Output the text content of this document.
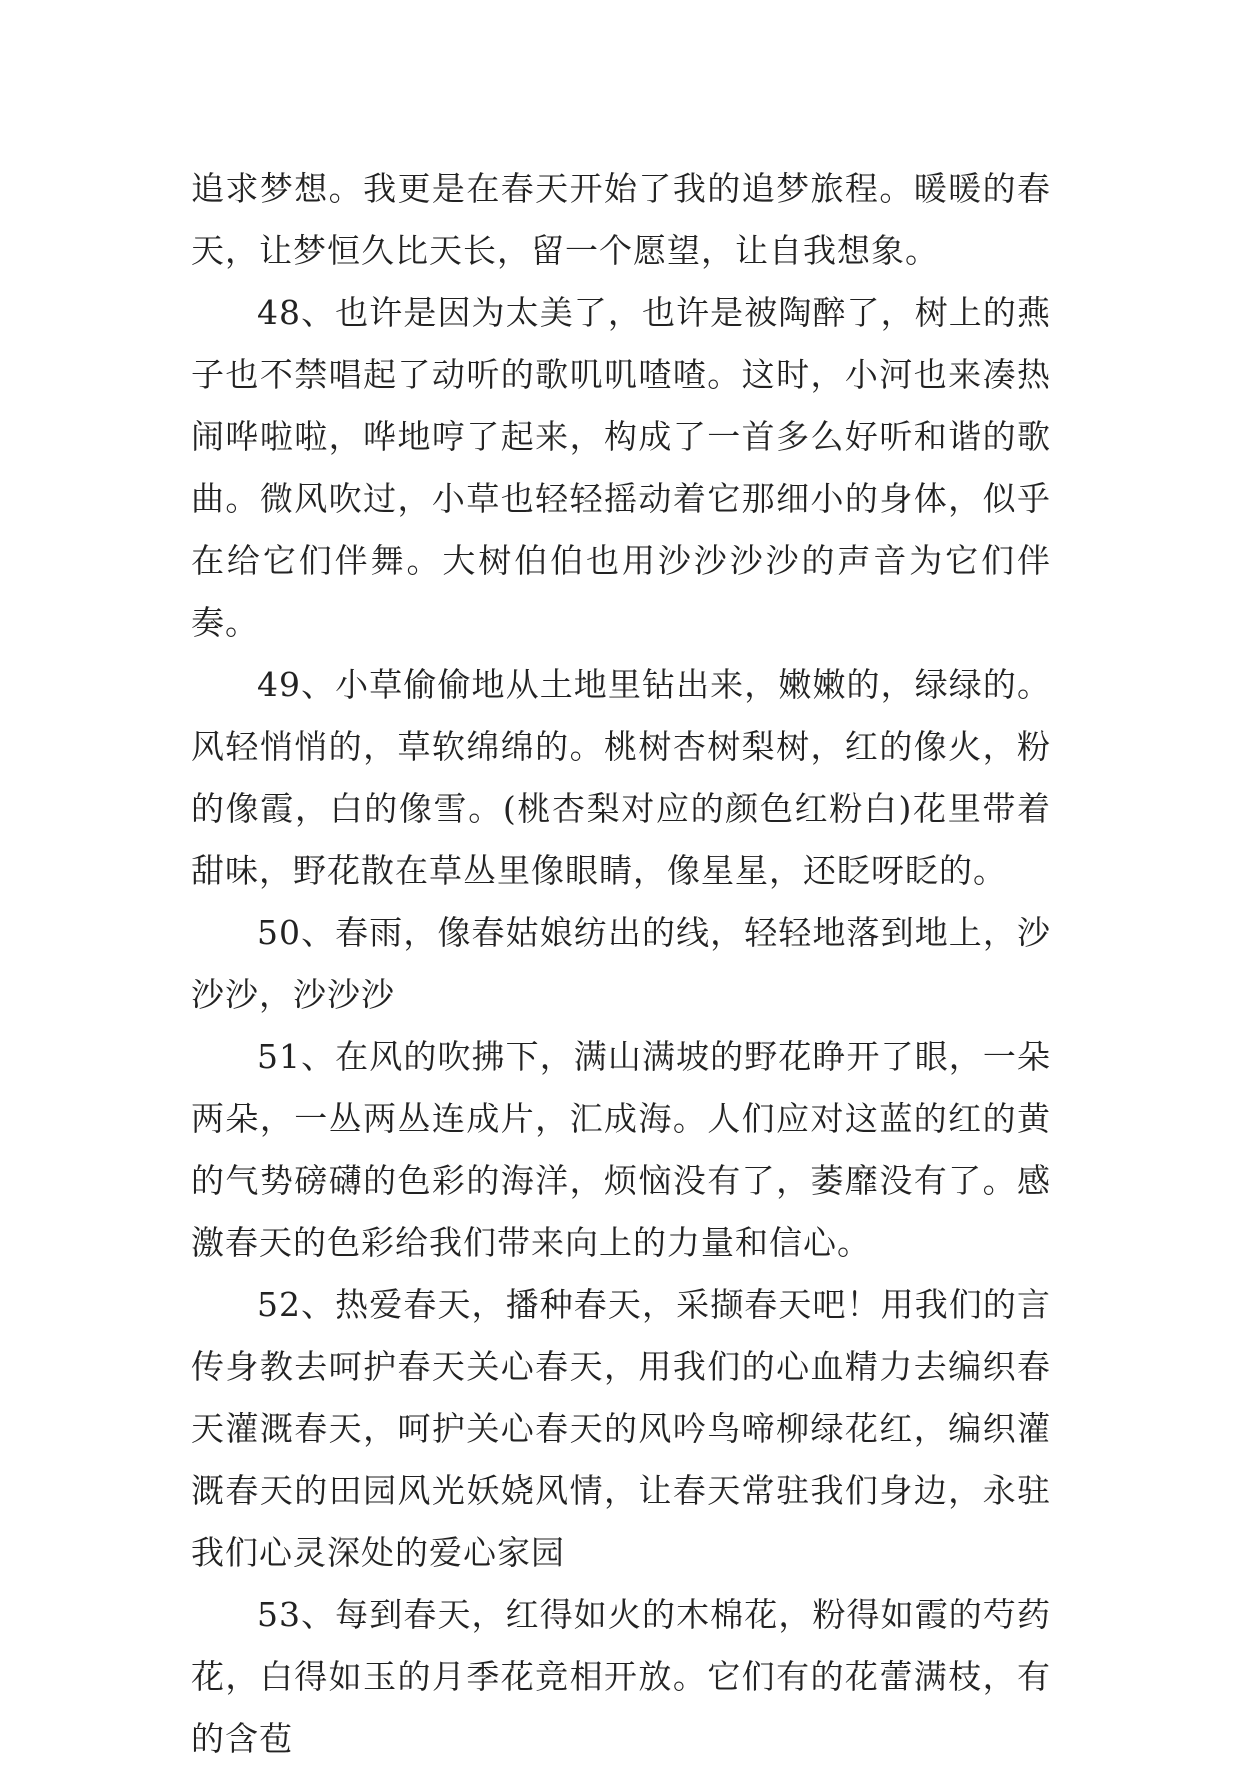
追求梦想。我更是在春天开始了我的追梦旅程。暖暖的春天，让梦恒久比天长，留一个愿望，让自我想象。

48、也许是因为太美了，也许是被陶醉了，树上的燕子也不禁唱起了动听的歌叽叽喳喳。这时，小河也来凑热闹哗啦啦，哗地哼了起来，构成了一首多么好听和谐的歌曲。微风吹过，小草也轻轻摇动着它那细小的身体，似乎在给它们伴舞。大树伯伯也用沙沙沙沙的声音为它们伴奏。

49、小草偷偷地从土地里钻出来，嫩嫩的，绿绿的。风轻悄悄的，草软绵绵的。桃树杏树梨树，红的像火，粉的像霞，白的像雪。(桃杏梨对应的颜色红粉白)花里带着甜味，野花散在草丛里像眼睛，像星星，还眨呀眨的。

50、春雨，像春姑娘纺出的线，轻轻地落到地上，沙沙沙，沙沙沙

51、在风的吹拂下，满山满坡的野花睁开了眼，一朵两朵，一丛两丛连成片，汇成海。人们应对这蓝的红的黄的气势磅礴的色彩的海洋，烦恼没有了，萎靡没有了。感激春天的色彩给我们带来向上的力量和信心。

52、热爱春天，播种春天，采撷春天吧！用我们的言传身教去呵护春天关心春天，用我们的心血精力去编织春天灌溉春天，呵护关心春天的风吟鸟啼柳绿花红，编织灌溉春天的田园风光妖娆风情，让春天常驻我们身边，永驻我们心灵深处的爱心家园

53、每到春天，红得如火的木棉花，粉得如霞的芍药花，白得如玉的月季花竞相开放。它们有的花蕾满枝，有的含苞
